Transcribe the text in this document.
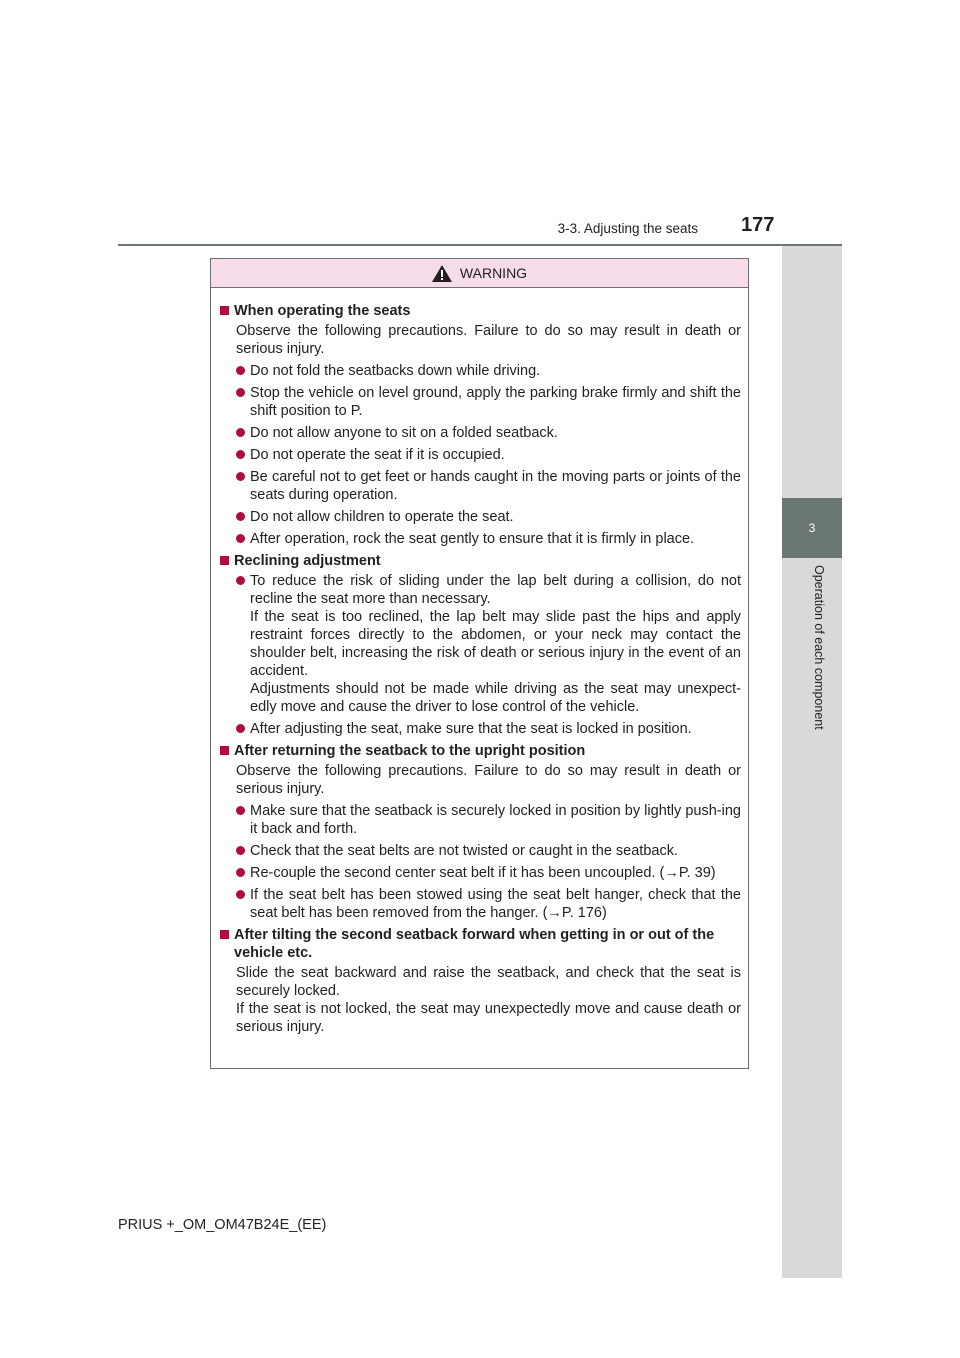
3-3. Adjusting the seats 177
3
Operation of each component
WARNING
When operating the seats
Observe the following precautions. Failure to do so may result in death or serious injury.
Do not fold the seatbacks down while driving.
Stop the vehicle on level ground, apply the parking brake firmly and shift the shift position to P.
Do not allow anyone to sit on a folded seatback.
Do not operate the seat if it is occupied.
Be careful not to get feet or hands caught in the moving parts or joints of the seats during operation.
Do not allow children to operate the seat.
After operation, rock the seat gently to ensure that it is firmly in place.
Reclining adjustment
To reduce the risk of sliding under the lap belt during a collision, do not recline the seat more than necessary.
If the seat is too reclined, the lap belt may slide past the hips and apply restraint forces directly to the abdomen, or your neck may contact the shoulder belt, increasing the risk of death or serious injury in the event of an accident.
Adjustments should not be made while driving as the seat may unexpect-edly move and cause the driver to lose control of the vehicle.
After adjusting the seat, make sure that the seat is locked in position.
After returning the seatback to the upright position
Observe the following precautions. Failure to do so may result in death or serious injury.
Make sure that the seatback is securely locked in position by lightly push-ing it back and forth.
Check that the seat belts are not twisted or caught in the seatback.
Re-couple the second center seat belt if it has been uncoupled. (→P. 39)
If the seat belt has been stowed using the seat belt hanger, check that the seat belt has been removed from the hanger. (→P. 176)
After tilting the second seatback forward when getting in or out of the vehicle etc.
Slide the seat backward and raise the seatback, and check that the seat is securely locked.
If the seat is not locked, the seat may unexpectedly move and cause death or serious injury.
PRIUS +_OM_OM47B24E_(EE)
